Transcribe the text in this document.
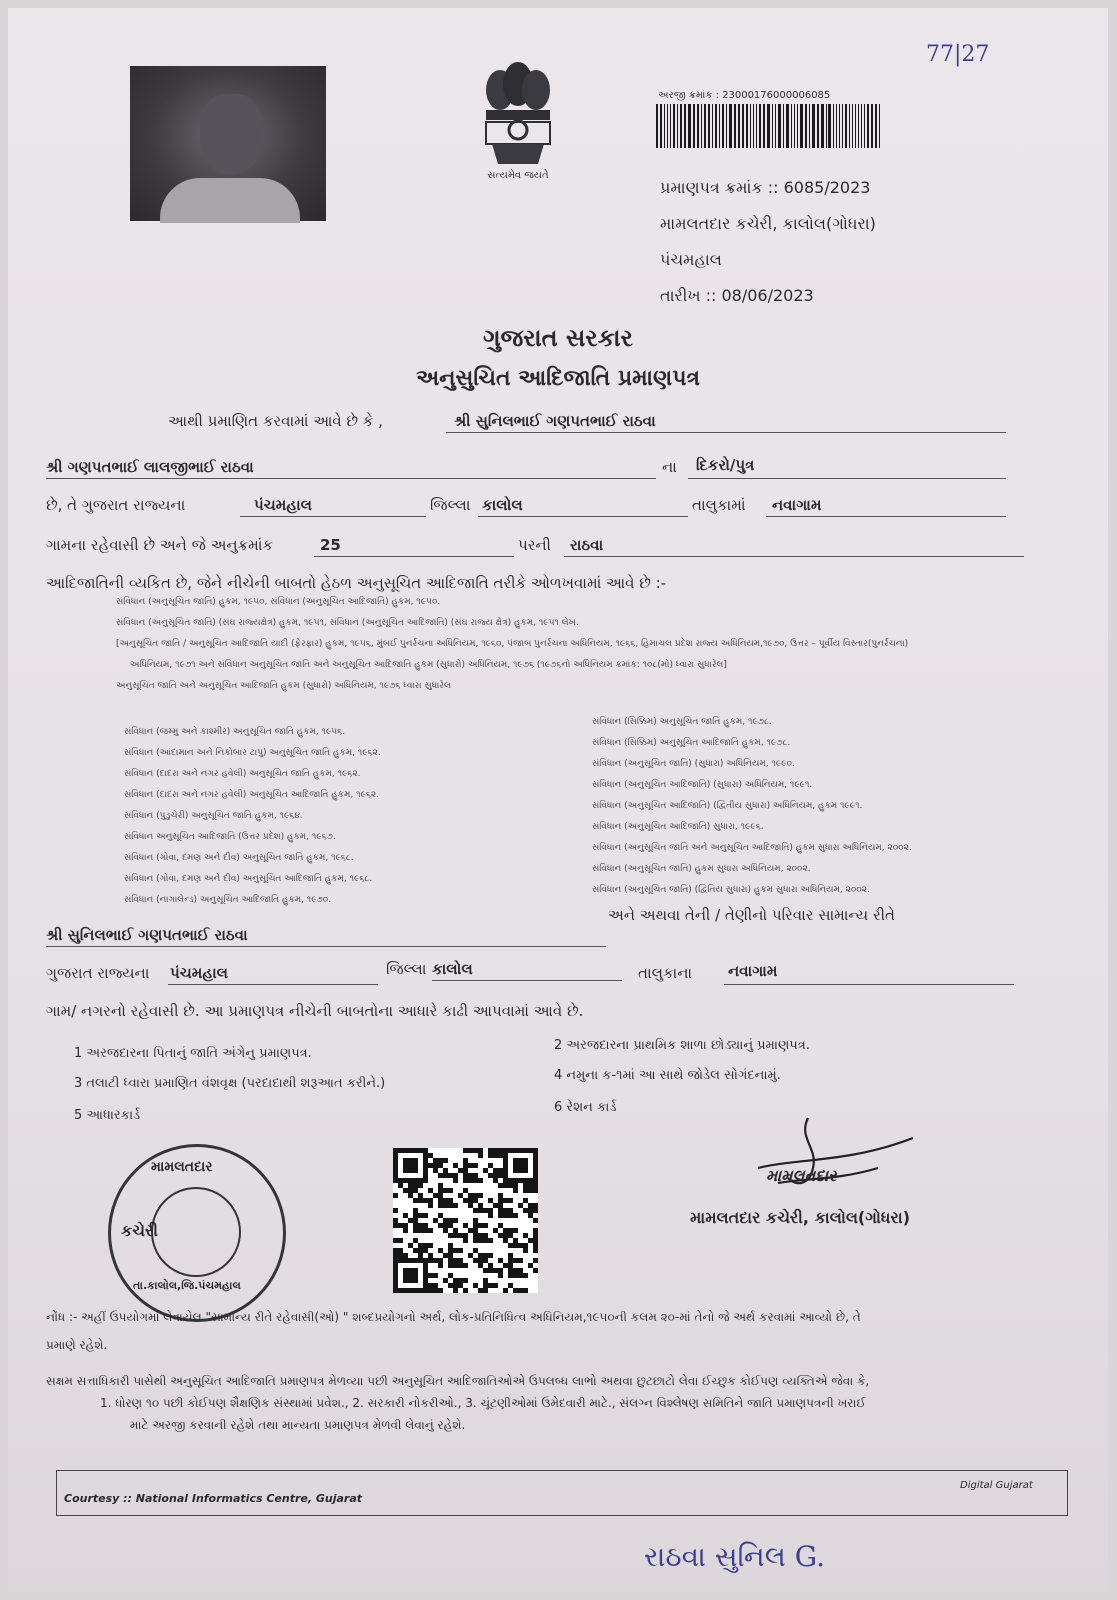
77|27
સત્યમેવ જયતે
અરજી ક્રમાંક : 23000176000006085
પ્રમાણપત્ર ક્રમાંક :: 6085/2023
મામલતદાર કચેરી, કાલોલ(ગોધરા)
પંચમહાલ
તારીખ :: 08/06/2023
ગુજરાત સરકાર
અનુસુચિત આદિજાતિ પ્રમાણપત્ર
આથી પ્રમાણિત કરવામાં આવે છે કે ,	શ્રી સુનિલભાઈ ગણપતભાઈ રાઠવા
શ્રી ગણપતભાઈ લાલજીભાઈ રાઠવા	ના દિકરો/પુત્ર
છે, તે ગુજરાત રાજ્યના	પંચમહાલ	જિલ્લા કાલોલ	તાલુકામાં નવાગામ
ગામના રહેવાસી છે અને જે અનુક્રમાંક	25	પરની રાઠવા
આદિજાતિની વ્યકિત છે, જેને નીચેની બાબતો હેઠળ અનુસૂચિત આદિજાતિ તરીકે ઓળખવામાં આવે છે :-
સંવિધાન (અનુસૂચિત જાતિ) હુકમ, ૧૯૫૦, સંવિધાન (અનુસૂચિત આદિજાતિ) હુકમ, ૧૯૫૦.
સંવિધાન (અનુસૂચિત જાતિ) (સંઘ રાજ્યક્ષેત્ર) હુકમ, ૧૯૫૧, સંવિધાન (અનુસૂચિત આદિજાતિ) (સંઘ રાજ્ય ક્ષેત્ર) હુકમ, ૧૯૫૧ લેખ.
[અનુસૂચિત જાતિ / અનુસૂચિત આદિજાતિ યાદી (ફેરફાર) હુકમ, ૧૯૫૬, મુંબઈ પુનર્રચના અધિનિયમ, ૧૯૬૦, પંજાબ પુનર્રચના અધિનિયમ, ૧૯૬૬, હિમાચલ પ્રદેશ રાજ્ય અધિનિયમ,૧૯૭૦, ઉત્તર – પૂર્વીય વિસ્તાર(પુનર્રચના)
અધિનિયમ, ૧૯૭૧ અને સંવિધાન અનુસૂચિત જાતિ અને અનુસૂચિત આદિજાતિ હુકમ (સુધારો) અધિનિયમ, ૧૯૭૬ (૧૯૭૬નો અધિનિયમ ક્રમાંક: ૧૦૮(મો) ધ્વારા સુધારેલ]
અનુસૂચિત જાતિ અને અનુસૂચિત આદિજાતિ હુકમ (સુધારો) અધિનિયમ, ૧૯૭૬ ધ્વારા સુધારેલ
સંવિધાન (જમ્મુ અને કાશ્મીર) અનુસૂચિત જાતિ હુકમ, ૧૯૫૬.
સંવિધાન (આંદામાન અને નિકોબાર ટાપુ) અનુસૂચિત જાતિ હુકમ, ૧૯૬૨.
સંવિધાન (દાદરા અને નગર હવેલી) અનુસૂચિત જાતિ હુકમ, ૧૯૬૨.
સંવિધાન (દાદરા અને નગર હવેલી) અનુસૂચિત આદિજાતિ હુકમ, ૧૯૬૨.
સંવિધાન (પુડુચેરી) અનુસૂચિત જાતિ હુકમ, ૧૯૬૪.
સંવિધાન અનુસૂચિત આદિજાતિ (ઉત્તર પ્રદેશ) હુકમ, ૧૯૬૭.
સંવિધાન (ગોવા, દમણ અને દીવ) અનુસૂચિત જાતિ હુકમ, ૧૯૬૮.
સંવિધાન (ગોવા, દમણ અને દીવ) અનુસૂચિત આદિજાતિ હુકમ, ૧૯૬૮.
સંવિધાન (નાગાલેન્ડ) અનુસૂચિત આદિજાતિ હુકમ, ૧૯૭૦.
સંવિધાન (સિક્કિમ) અનુસૂચિત જાતિ હુકમ, ૧૯૭૮.
સંવિધાન (સિક્કિમ) અનુસૂચિત આદિજાતિ હુકમ, ૧૯૭૮.
સંવિધાન (અનુસૂચિત જાતિ) (સુધારા) અધિનિયમ, ૧૯૯૦.
સંવિધાન (અનુસૂચિત આદિજાતિ) (સુધારા) અધિનિયમ, ૧૯૯૧.
સંવિધાન (અનુસૂચિત આદિજાતિ) (દ્વિતીય સુધારા) અધિનિયમ, હુકમ ૧૯૯૧.
સંવિધાન (અનુસૂચિત આદિજાતિ) સુધારા, ૧૯૯૬.
સંવિધાન (અનુસૂચિત જાતિ અને અનુસૂચિત આદિજાતિ) હુકમ સુધારા અધિનિયમ, ૨૦૦૨.
સંવિધાન (અનુસૂચિત જાતિ) હુકમ સુધારા અધિનિયમ, ૨૦૦૨.
સંવિધાન (અનુસૂચિત જાતિ) (દ્વિતિય સુધારા) હુકમ સુધારા અધિનિયમ, ૨૦૦૨.
અને અથવા તેની / તેણીનો પરિવાર સામાન્ય રીતે
શ્રી સુનિલભાઈ ગણપતભાઈ રાઠવા
ગુજરાત રાજ્યના પંચમહાલ	જિલ્લા કાલોલ	તાલુકાના નવાગામ
ગામ/ નગરનો રહેવાસી છે. આ પ્રમાણપત્ર નીચેની બાબતોના આધારે કાઢી આપવામાં આવે છે.
1 અરજદારના પિતાનું જાતિ અંગેનુ પ્રમાણપત્ર.
2 અરજદારના પ્રાથમિક શાળા છોડ્યાનું પ્રમાણપત્ર.
3 તલાટી ધ્વારા પ્રમાણિત વંશવૃક્ષ (પરદાદાથી શરૂઆત કરીને.)
4 નમુના ક-૧માં આ સાથે જોડેલ સોગંદનામું.
5 આધારકાર્ડ
6 રેશન કાર્ડ
મામલતદાર
કચેરી
તા.કાલોલ,જિ.પંચમહાલ
મામલતદાર
મામલતદાર કચેરી, કાલોલ(ગોધરા)
નોંધ :- અહીં ઉપયોગમાં લેવાયેલ "સામાન્ય રીતે રહેવાસી(ઓ) " શબ્દપ્રયોગનો અર્થ, લોક-પ્રતિનિધિત્વ અધિનિયમ,૧૯૫૦ની કલમ ૨૦-માં તેનો જે અર્થ કરવામાં આવ્યો છે, તે
પ્રમાણે રહેશે.
સક્ષમ સત્તાધિકારી પાસેથી અનુસૂચિત આદિજાતિ પ્રમાણપત્ર મેળવ્યા પછી અનુસૂચિત આદિજાતિઓએ ઉપલબ્ધ લાભો અથવા છુટછાટો લેવા ઈચ્છુક કોઈપણ વ્યક્તિએ જેવા કે,
1. ધોરણ ૧૦ પછી કોઈપણ શૈક્ષણિક સંસ્થામાં પ્રવેશ., 2. સરકારી નોકરીઓ., 3. ચૂંટણીઓમાં ઉમેદવારી માટે., સંલગ્ન વિશ્લેષણ સમિતિને જાતિ પ્રમાણપત્રની ખરાઈ
માટે અરજી કરવાની રહેશે તથા માન્યતા પ્રમાણપત્ર મેળવી લેવાનું રહેશે.
Courtesy :: National Informatics Centre, Gujarat
Digital Gujarat
રાઠવા સુનિલ G.
